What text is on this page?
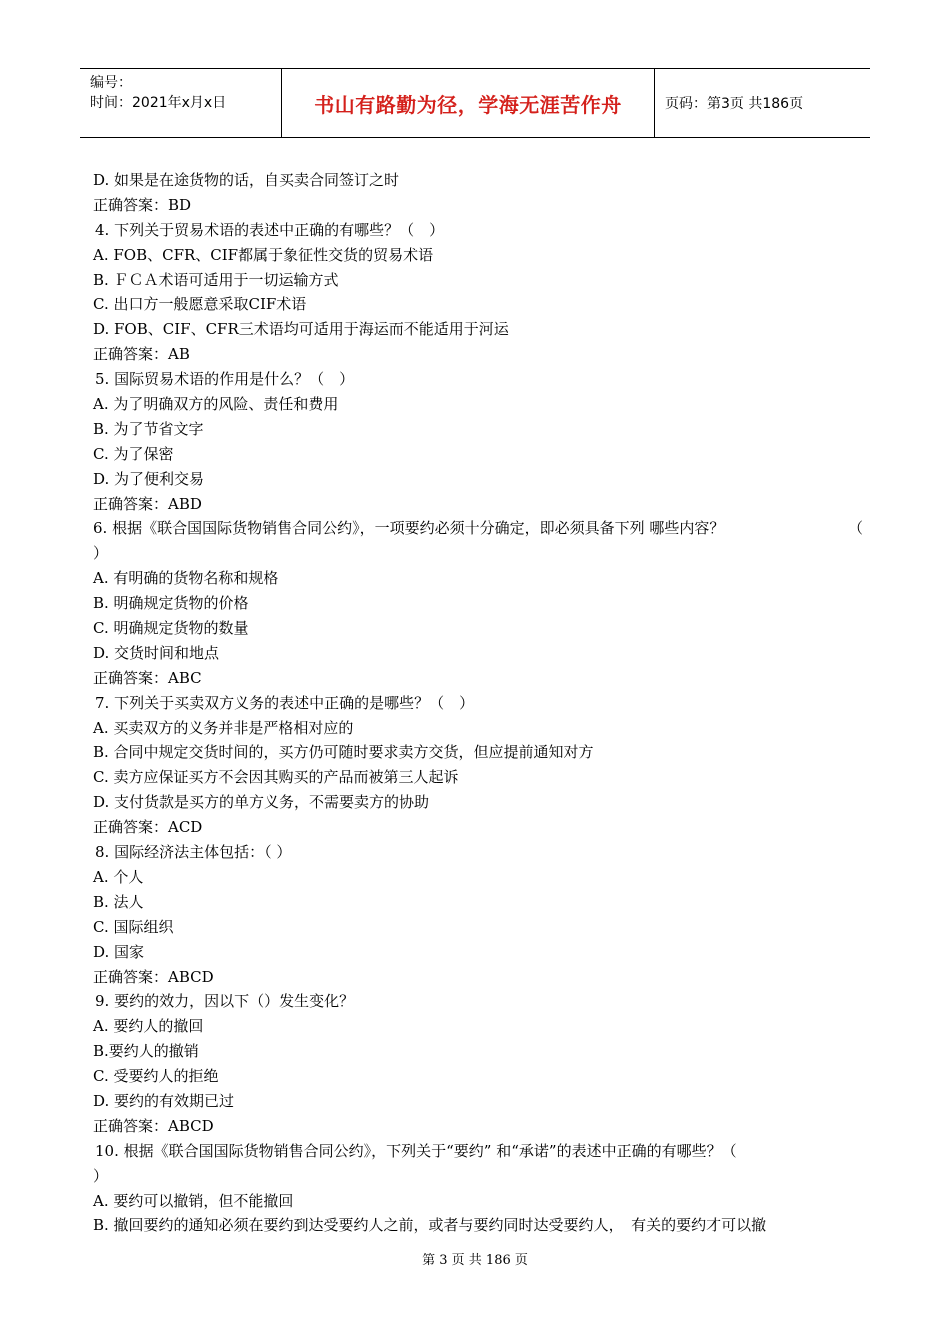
编号：
时间：2021年x月x日	书山有路勤为径，学海无涯苦作舟	页码：第3页 共186页
D. 如果是在途货物的话，自买卖合同签订之时
正确答案：BD
4. 下列关于贸易术语的表述中正确的有哪些？（　）
A. FOB、CFR、CIF都属于象征性交货的贸易术语
B. ＦＣＡ术语可适用于一切运输方式
C. 出口方一般愿意采取CIF术语
D. FOB、CIF、CFR三术语均可适用于海运而不能适用于河运
正确答案：AB
5. 国际贸易术语的作用是什么？（　）
A. 为了明确双方的风险、责任和费用
B. 为了节省文字
C. 为了保密
D. 为了便利交易
正确答案：ABD
6. 根据《联合国国际货物销售合同公约》，一项要约必须十分确定，即必须具备下列 哪些内容？	（
）
A. 有明确的货物名称和规格
B. 明确规定货物的价格
C. 明确规定货物的数量
D. 交货时间和地点
正确答案：ABC
7. 下列关于买卖双方义务的表述中正确的是哪些？（　）
A. 买卖双方的义务并非是严格相对应的
B. 合同中规定交货时间的，买方仍可随时要求卖方交货，但应提前通知对方
C. 卖方应保证买方不会因其购买的产品而被第三人起诉
D. 支付货款是买方的单方义务，不需要卖方的协助
正确答案：ACD
8. 国际经济法主体包括：（ ）
A. 个人
B. 法人
C. 国际组织
D. 国家
正确答案：ABCD
9. 要约的效力，因以下（）发生变化？
A. 要约人的撤回
B.要约人的撤销
C. 受要约人的拒绝
D. 要约的有效期已过
正确答案：ABCD
10. 根据《联合国国际货物销售合同公约》，下列关于“要约” 和“承诺”的表述中正确的有哪些？（
）
A. 要约可以撤销，但不能撤回
B. 撤回要约的通知必须在要约到达受要约人之前，或者与要约同时达受要约人，　有关的要约才可以撤
第 3 页 共 186 页
